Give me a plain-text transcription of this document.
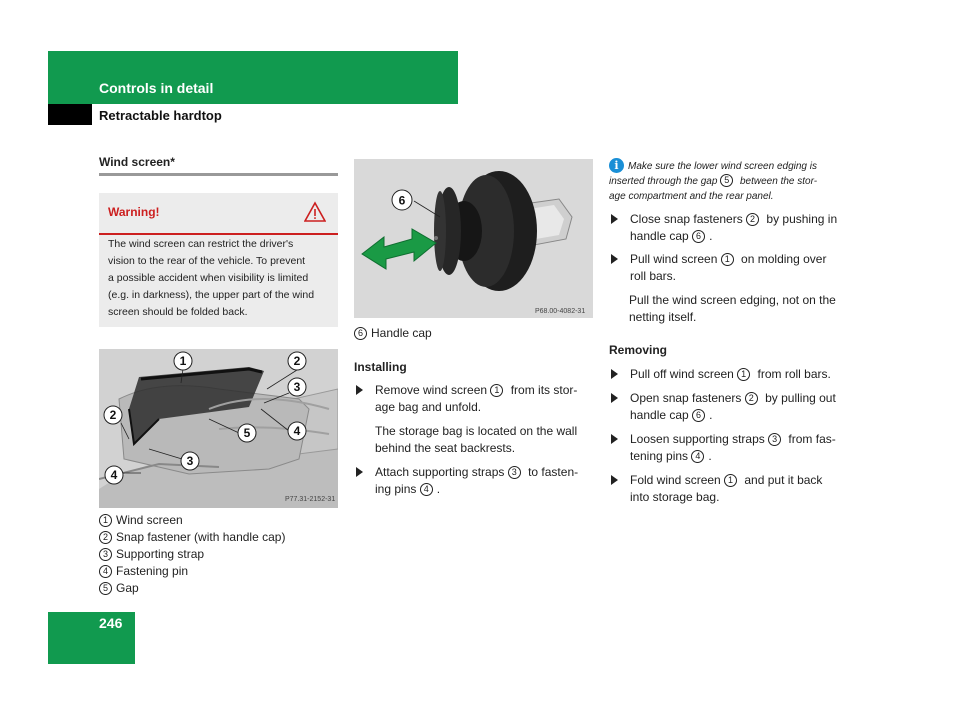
Controls in detail
Retractable hardtop
Wind screen*
Warning!
The wind screen can restrict the driver's
vision to the rear of the vehicle. To prevent
a possible accident when visibility is limited
(e.g. in darkness), the upper part of the wind
screen should be folded back.
1	2
3
2
5	4
3
4
P77.31-2152-31
1 Wind screen
2 Snap fastener (with handle cap)
3 Supporting strap
4 Fastening pin
5 Gap
246
6
P68.00-4082-31
6 Handle cap
Installing
Remove wind screen 1 from its stor-
age bag and unfold.
The storage bag is located on the wall
behind the seat backrests.
Attach supporting straps 3 to fasten-
ing pins 4 .
i Make sure the lower wind screen edging is
inserted through the gap 5 between the stor-
age compartment and the rear panel.
Close snap fasteners 2 by pushing in
handle cap 6 .
Pull wind screen 1 on molding over
roll bars.
Pull the wind screen edging, not on the
netting itself.
Removing
Pull off wind screen 1 from roll bars.
Open snap fasteners 2 by pulling out
handle cap 6 .
Loosen supporting straps 3 from fas-
tening pins 4 .
Fold wind screen 1 and put it back
into storage bag.
